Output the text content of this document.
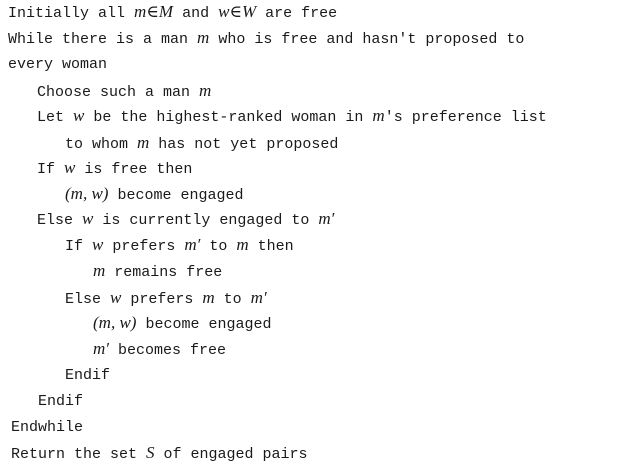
Initially all m∈M and w∈W are free
While there is a man m who is free and hasn't proposed to
every woman
Choose such a man m
Let w be the highest-ranked woman in m's preference list
to whom m has not yet proposed
If w is free then
(m, w) become engaged
Else w is currently engaged to m′
If w prefers m′ to m then
m remains free
Else w prefers m to m′
(m, w) become engaged
m′ becomes free
Endif
Endif
Endwhile
Return the set S of engaged pairs
